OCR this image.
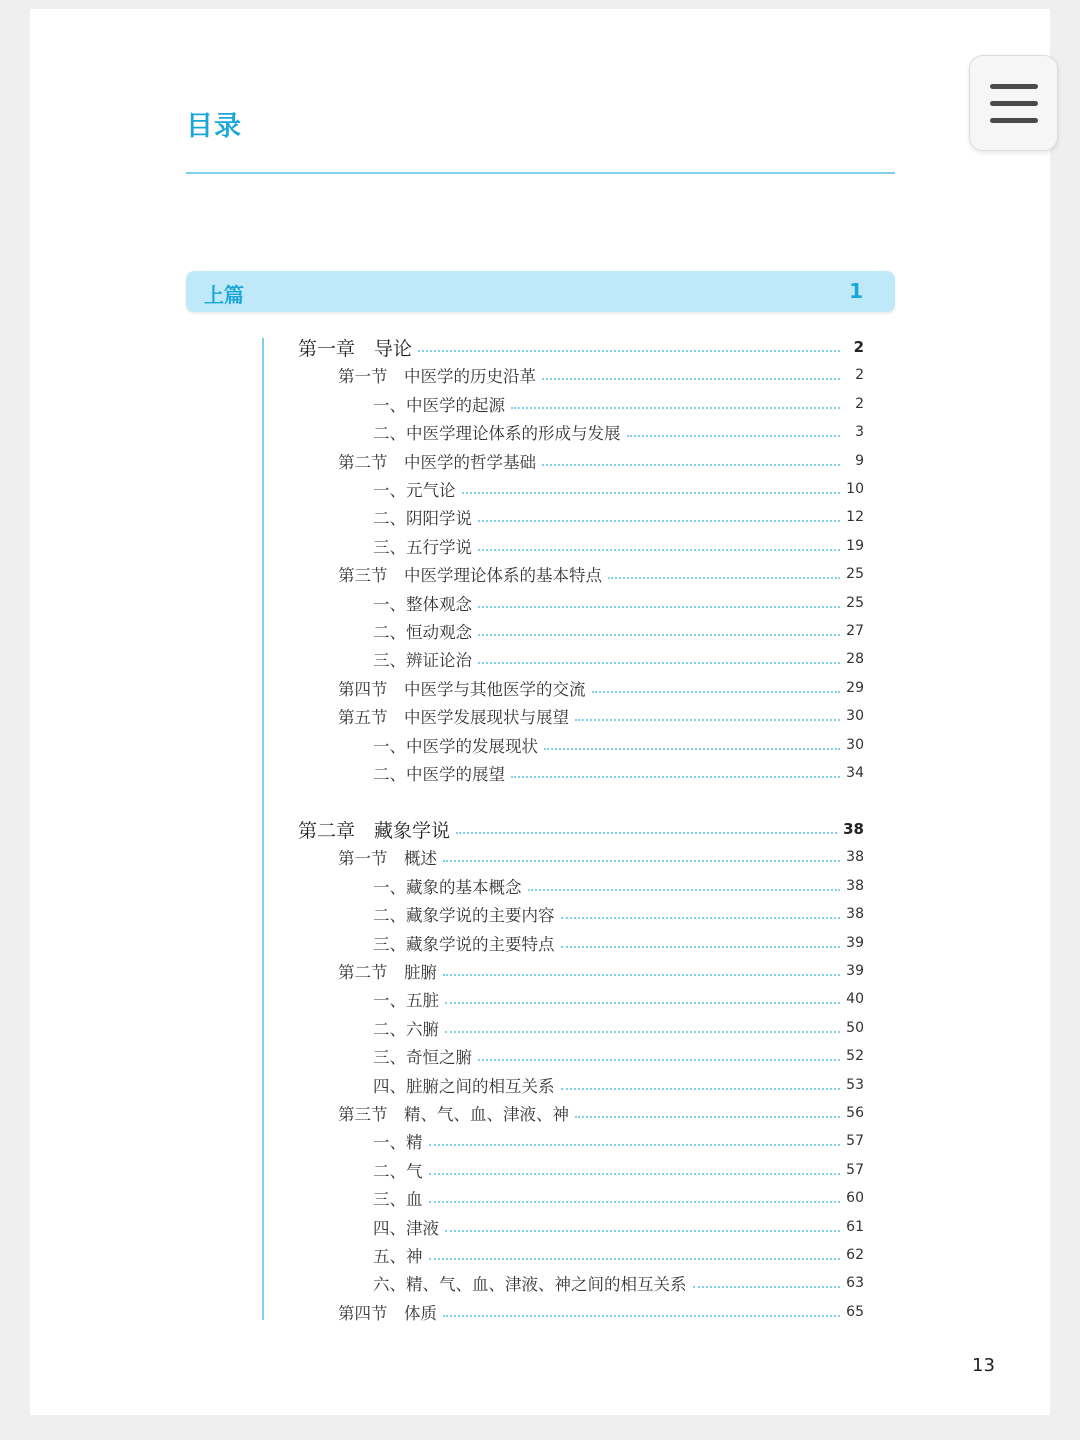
目录
上篇	1
第一章　导论	2
第一节　中医学的历史沿革	2
一、中医学的起源	2
二、中医学理论体系的形成与发展	3
第二节　中医学的哲学基础	9
一、元气论	10
二、阴阳学说	12
三、五行学说	19
第三节　中医学理论体系的基本特点	25
一、整体观念	25
二、恒动观念	27
三、辨证论治	28
第四节　中医学与其他医学的交流	29
第五节　中医学发展现状与展望	30
一、中医学的发展现状	30
二、中医学的展望	34
第二章　藏象学说	38
第一节　概述	38
一、藏象的基本概念	38
二、藏象学说的主要内容	38
三、藏象学说的主要特点	39
第二节　脏腑	39
一、五脏	40
二、六腑	50
三、奇恒之腑	52
四、脏腑之间的相互关系	53
第三节　精、气、血、津液、神	56
一、精	57
二、气	57
三、血	60
四、津液	61
五、神	62
六、精、气、血、津液、神之间的相互关系	63
第四节　体质	65
13
